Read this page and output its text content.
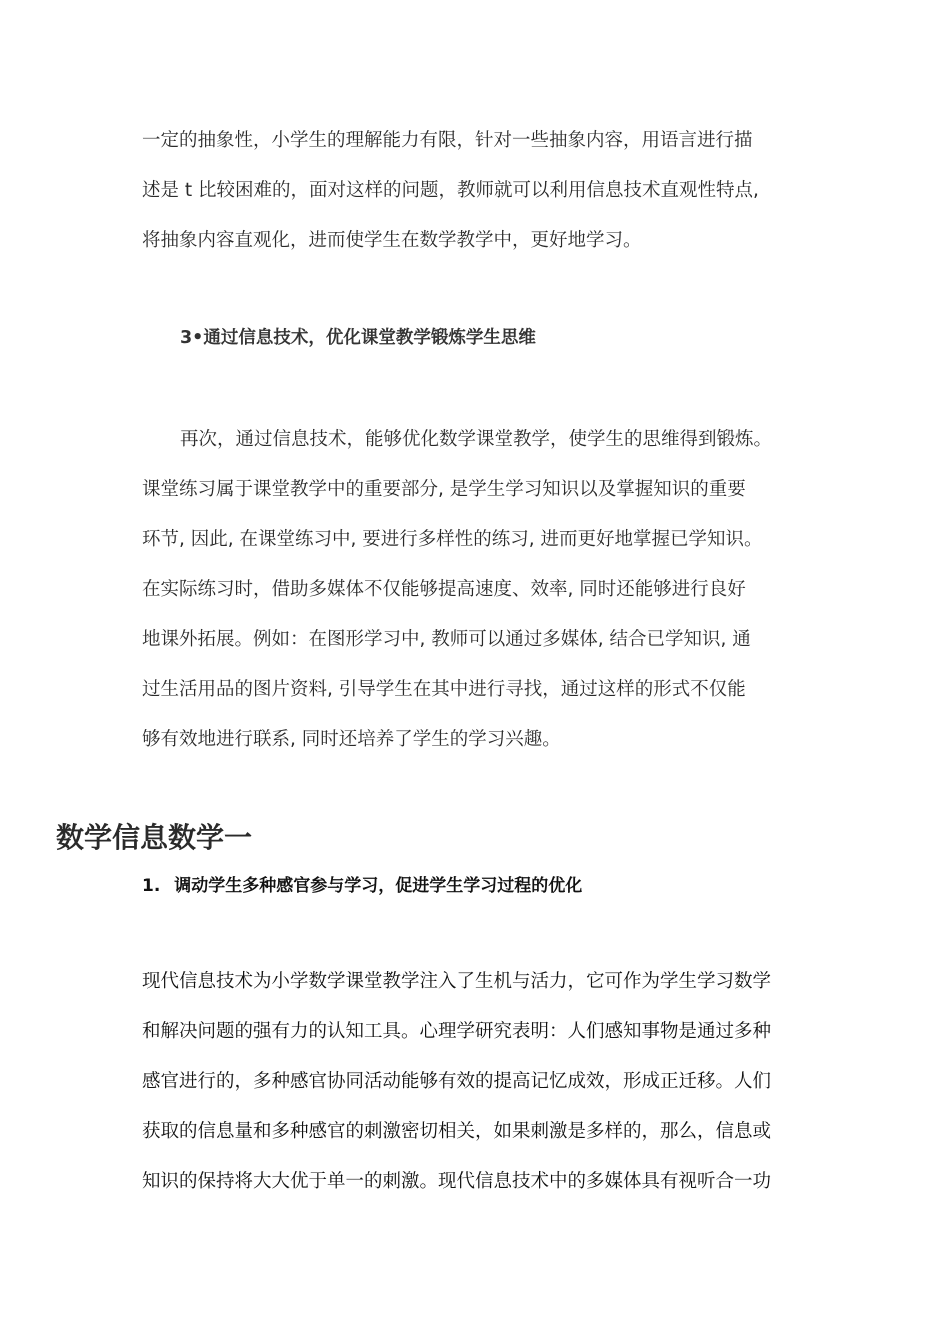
一定的抽象性，小学生的理解能力有限，针对一些抽象内容，用语言进行描
述是 t 比较困难的，面对这样的问题，教师就可以利用信息技术直观性特点,
将抽象内容直观化，进而使学生在数学教学中，更好地学习。
3•通过信息技术，优化课堂教学锻炼学生思维
再次，通过信息技术，能够优化数学课堂教学，使学生的思维得到锻炼。
课堂练习属于课堂教学中的重要部分, 是学生学习知识以及掌握知识的重要
环节, 因此, 在课堂练习中, 要进行多样性的练习, 进而更好地掌握已学知识。
在实际练习时，借助多媒体不仅能够提高速度、效率, 同时还能够进行良好
地课外拓展。例如：在图形学习中, 教师可以通过多媒体, 结合已学知识, 通
过生活用品的图片资料, 引导学生在其中进行寻找，通过这样的形式不仅能
够有效地进行联系, 同时还培养了学生的学习兴趣。
数学信息数学一
1. 调动学生多种感官参与学习，促进学生学习过程的优化
现代信息技术为小学数学课堂教学注入了生机与活力，它可作为学生学习数学
和解决问题的强有力的认知工具。心理学研究表明：人们感知事物是通过多种
感官进行的，多种感官协同活动能够有效的提高记忆成效，形成正迁移。人们
获取的信息量和多种感官的刺激密切相关，如果刺激是多样的，那么，信息或
知识的保持将大大优于单一的刺激。现代信息技术中的多媒体具有视听合一功
